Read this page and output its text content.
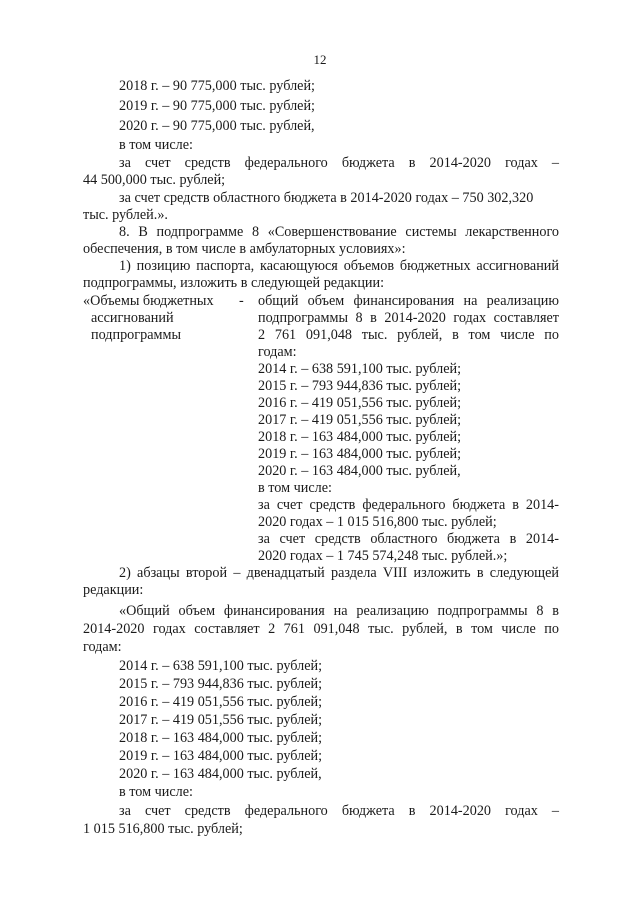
12
2018 г. – 90 775,000 тыс. рублей;
2019 г. – 90 775,000 тыс. рублей;
2020 г. – 90 775,000 тыс. рублей,
в том числе:
за счет средств федерального бюджета в 2014-2020 годах –
44 500,000 тыс. рублей;
за счет средств областного бюджета в 2014-2020 годах – 750 302,320
тыс. рублей.».
8. В подпрограмме 8 «Совершенствование системы лекарственного
обеспечения, в том числе в амбулаторных условиях»:
1) позицию паспорта, касающуюся объемов бюджетных ассигнований
подпрограммы, изложить в следующей редакции:
«Объемы бюджетных
ассигнований
подпрограммы
- общий объем финансирования на реализацию
подпрограммы 8 в 2014-2020 годах составляет
2 761 091,048 тыс. рублей, в том числе по
годам:
2014 г. – 638 591,100 тыс. рублей;
2015 г. – 793 944,836 тыс. рублей;
2016 г. – 419 051,556 тыс. рублей;
2017 г. – 419 051,556 тыс. рублей;
2018 г. – 163 484,000 тыс. рублей;
2019 г. – 163 484,000 тыс. рублей;
2020 г. – 163 484,000 тыс. рублей,
в том числе:
за счет средств федерального бюджета в 2014-
2020 годах – 1 015 516,800 тыс. рублей;
за счет средств областного бюджета в 2014-
2020 годах – 1 745 574,248 тыс. рублей.»;
2) абзацы второй – двенадцатый раздела VIII изложить в следующей
редакции:
«Общий объем финансирования на реализацию подпрограммы 8 в
2014-2020 годах составляет 2 761 091,048 тыс. рублей, в том числе по
годам:
2014 г. – 638 591,100 тыс. рублей;
2015 г. – 793 944,836 тыс. рублей;
2016 г. – 419 051,556 тыс. рублей;
2017 г. – 419 051,556 тыс. рублей;
2018 г. – 163 484,000 тыс. рублей;
2019 г. – 163 484,000 тыс. рублей;
2020 г. – 163 484,000 тыс. рублей,
в том числе:
за счет средств федерального бюджета в 2014-2020 годах –
1 015 516,800 тыс. рублей;
